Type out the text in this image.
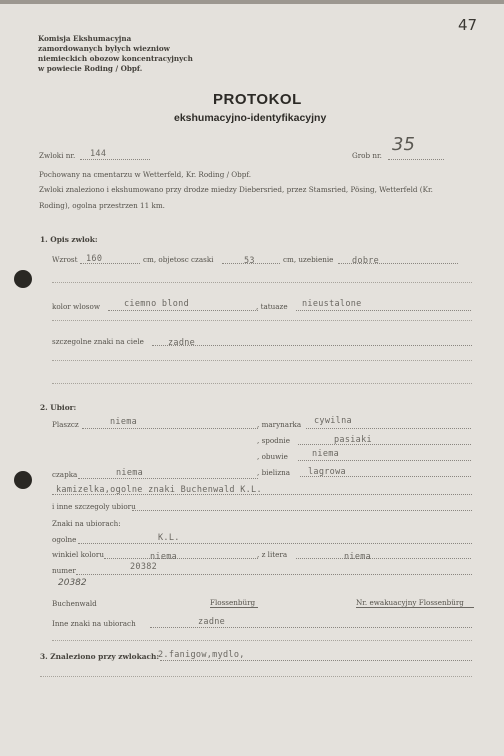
47
Komisja Ekshumacyjna
zamordowanych bylych wiezniow
niemieckich obozow koncentracyjnych
w powiecie Roding / Obpf.
PROTOKOL
ekshumacyjno-identyfikacyjny
Zwloki nr. 144	Grob nr.
35
Pochowany na cmentarzu w Wetterfeld, Kr. Roding / Obpf.
Zwloki znaleziono i ekshumowano przy drodze miedzy Diebersried, przez Stamsried, Pösing, Wetterfeld (Kr.
Roding), ogolna przestrzen 11 km.
1. Opis zwlok:
Wzrost 160	cm, objetosc czaski	53	cm, uzebienie dobre
kolor wlosow	ciemno blond	, tatuaze nieustalone
szczegolne znaki na ciele	zadne
2. Ubior:
Plaszcz	niema	, marynarka cywilna
, spodnie	pasiaki
, obuwie	niema
czapka	niema	, bielizna lagrowa
kamizelka,ogolne znaki Buchenwald K.L.
i inne szczegoly ubioru
Znaki na ubiorach:
ogolne	K.L.
winkiel koloru	niema	, z litera	niema
20382
numer
20382
Buchenwald	Flossenbürg	Nr. ewakuacyjny Flossenbürg
Inne znaki na ubiorach	zadne
3. Znaleziono przy zwlokach:
2.fanigow,mydlo,
